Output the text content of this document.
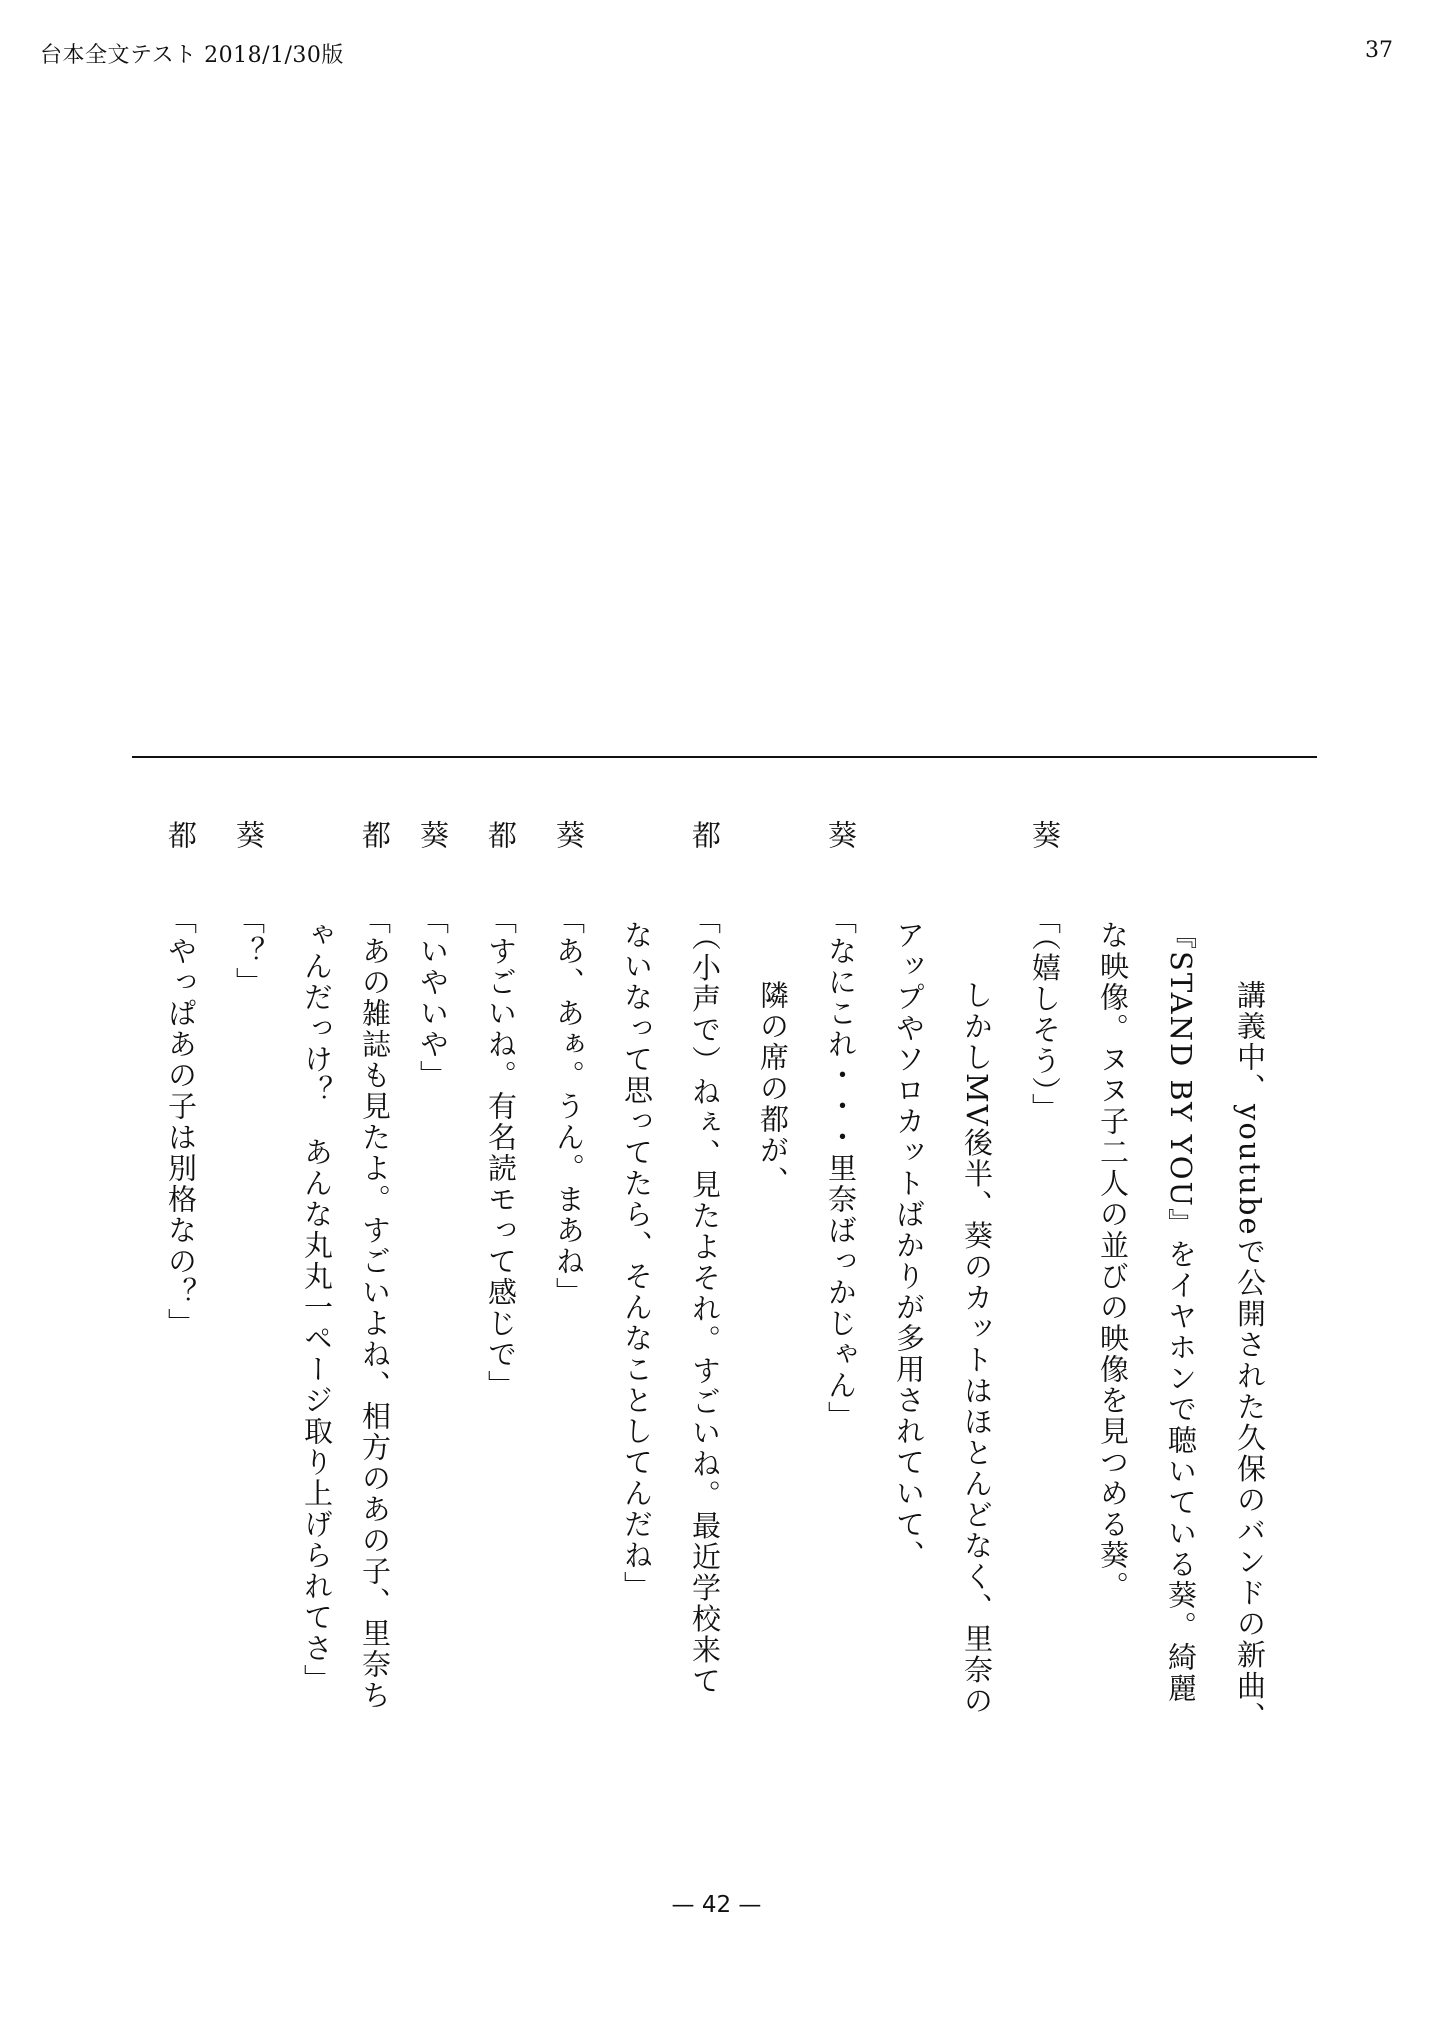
台本全文テスト 2018/1/30版	37
講義中、youtubeで公開された久保のバンドの新曲、
『STAND BY YOU』をイヤホンで聴いている葵。綺麗
な映像。ヌヌ子二人の並びの映像を見つめる葵。
葵
「（嬉しそう）」
しかしMV後半、葵のカットはほとんどなく、里奈の
アップやソロカットばかりが多用されていて、
葵
「なにこれ・・・里奈ばっかじゃん」
隣の席の都が、
都
「（小声で）ねぇ、見たよそれ。すごいね。最近学校来て
ないなって思ってたら、そんなことしてんだね」
葵
「あ、あぁ。うん。まあね」
都
「すごいね。有名読モって感じで」
葵
「いやいや」
都
「あの雑誌も見たよ。すごいよね、相方のあの子、里奈ち
ゃんだっけ？　あんな丸丸一ページ取り上げられてさ」
葵
「？」
都
「やっぱあの子は別格なの？」
— 42 —
